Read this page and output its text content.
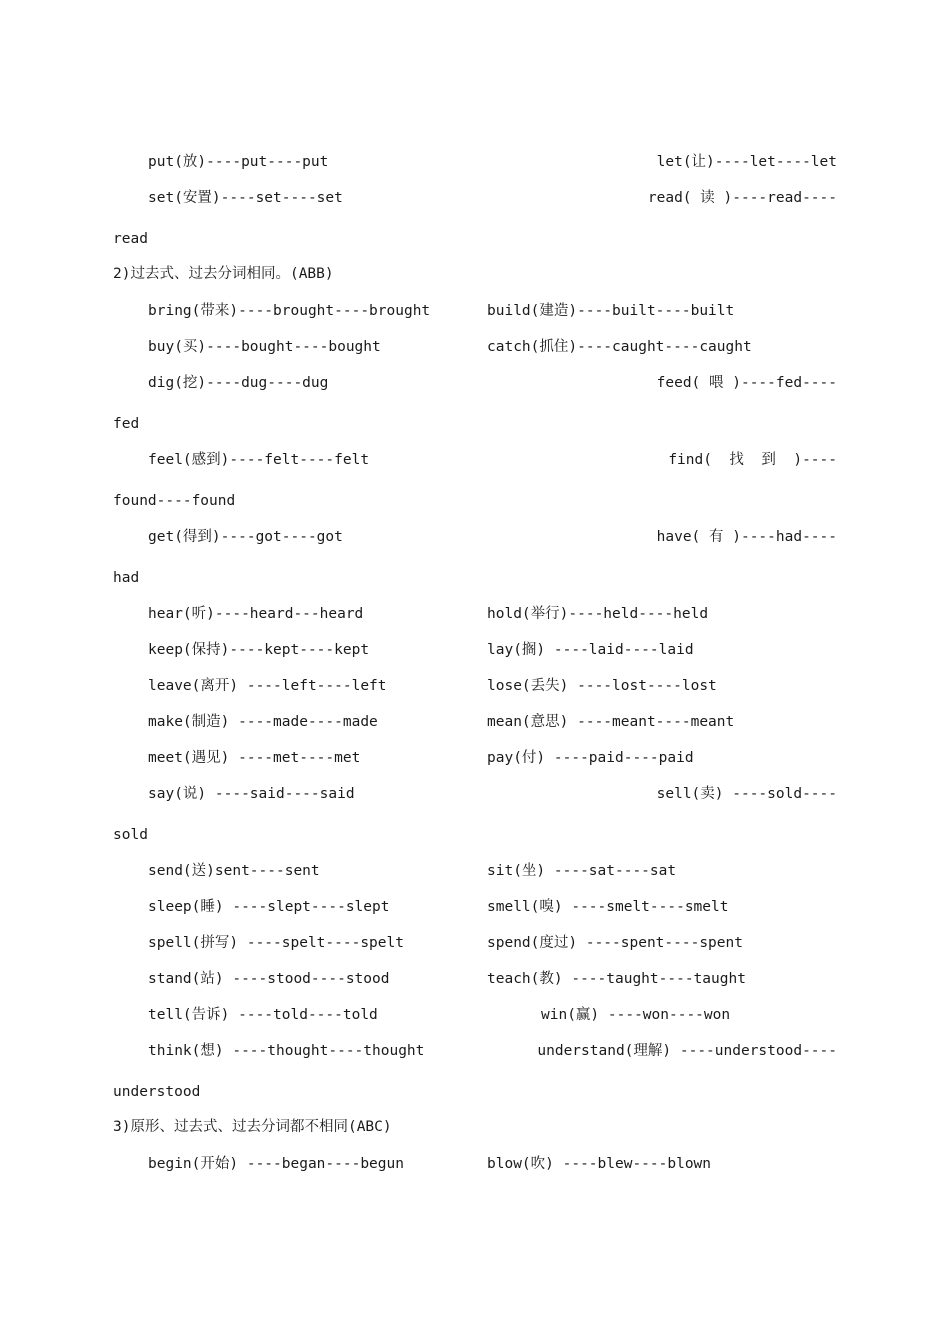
put(放)----put----put	let(让)----let----let
set(安置)----set----set	read( 读 )----read----
read
2)过去式、过去分词相同。(ABB)
bring(带来)----brought----brought	build(建造)----built----built
buy(买)----bought----bought	catch(抓住)----caught----caught
dig(挖)----dug----dug	feed( 喂 )----fed----
fed
feel(感到)----felt----felt	find(  找  到  )----
found----found
get(得到)----got----got	have( 有 )----had----
had
hear(听)----heard---heard	hold(举行)----held----held
keep(保持)----kept----kept	lay(搁) ----laid----laid
leave(离开) ----left----left	lose(丢失) ----lost----lost
make(制造) ----made----made	mean(意思) ----meant----meant
meet(遇见) ----met----met	pay(付) ----paid----paid
say(说) ----said----said	sell(卖) ----sold----
sold
send(送)sent----sent	sit(坐) ----sat----sat
sleep(睡) ----slept----slept	smell(嗅) ----smelt----smelt
spell(拼写) ----spelt----spelt	spend(度过) ----spent----spent
stand(站) ----stood----stood	teach(教) ----taught----taught
tell(告诉) ----told----told	win(赢) ----won----won
think(想) ----thought----thought	understand(理解) ----understood----
understood
3)原形、过去式、过去分词都不相同(ABC)
begin(开始) ----began----begun	blow(吹) ----blew----blown
